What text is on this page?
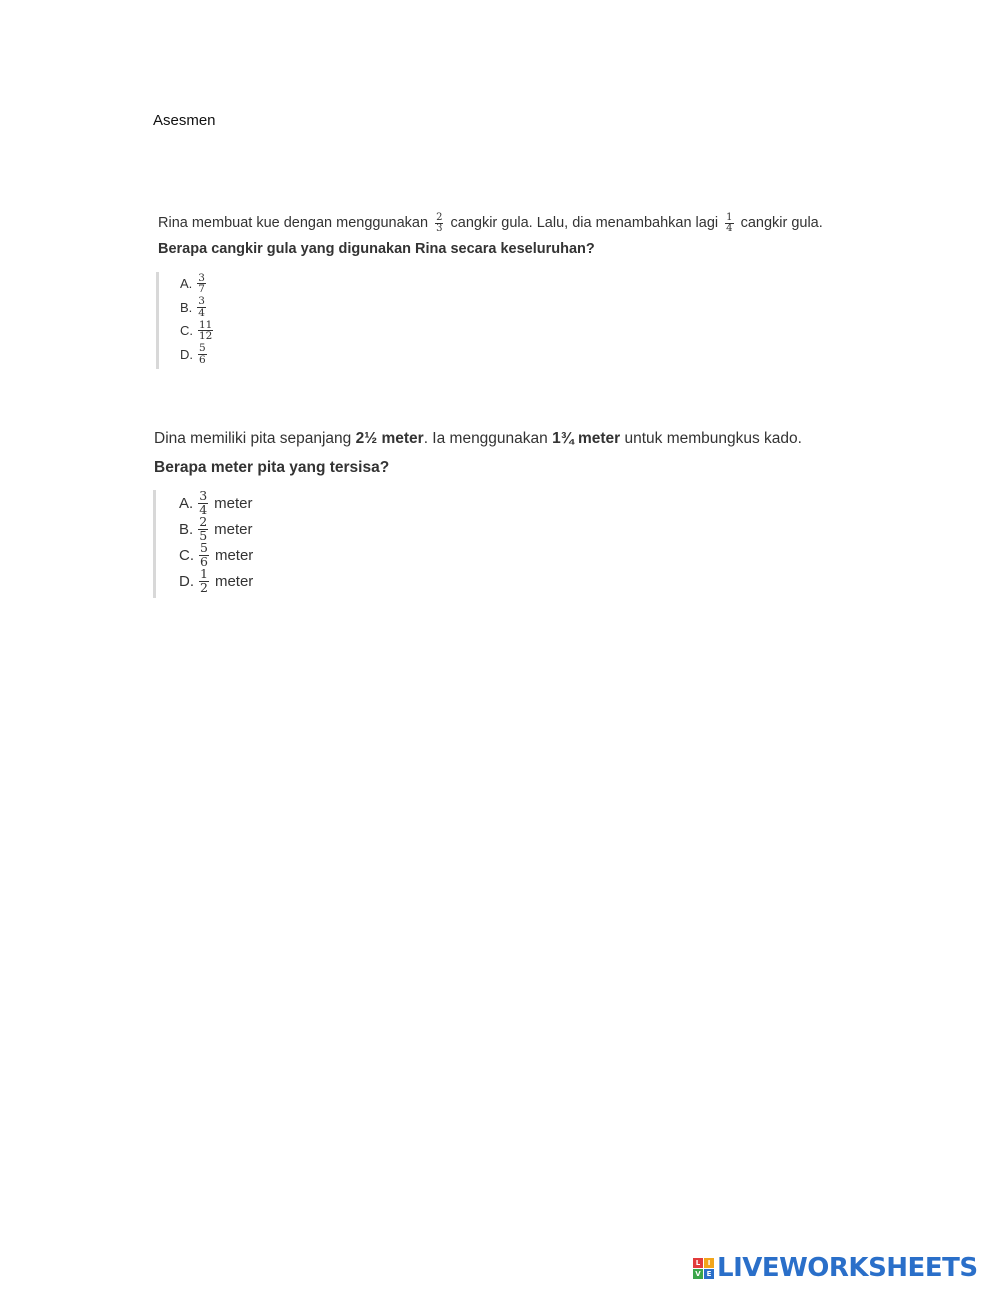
Asesmen
Rina membuat kue dengan menggunakan $\frac{2}{3}$ cangkir gula. Lalu, dia menambahkan lagi $\frac{1}{4}$ cangkir gula.
Berapa cangkir gula yang digunakan Rina secara keseluruhan?
A. $\frac{3}{7}$
B. $\frac{3}{4}$
C. $\frac{11}{12}$
D. $\frac{5}{6}$
Dina memiliki pita sepanjang 2½ meter. Ia menggunakan 1¾ meter untuk membungkus kado.
Berapa meter pita yang tersisa?
A. $\frac{3}{4}$ meter
B. $\frac{2}{5}$ meter
C. $\frac{5}{6}$ meter
D. $\frac{1}{2}$ meter
L	I
V E LIVEWORKSHEETS
